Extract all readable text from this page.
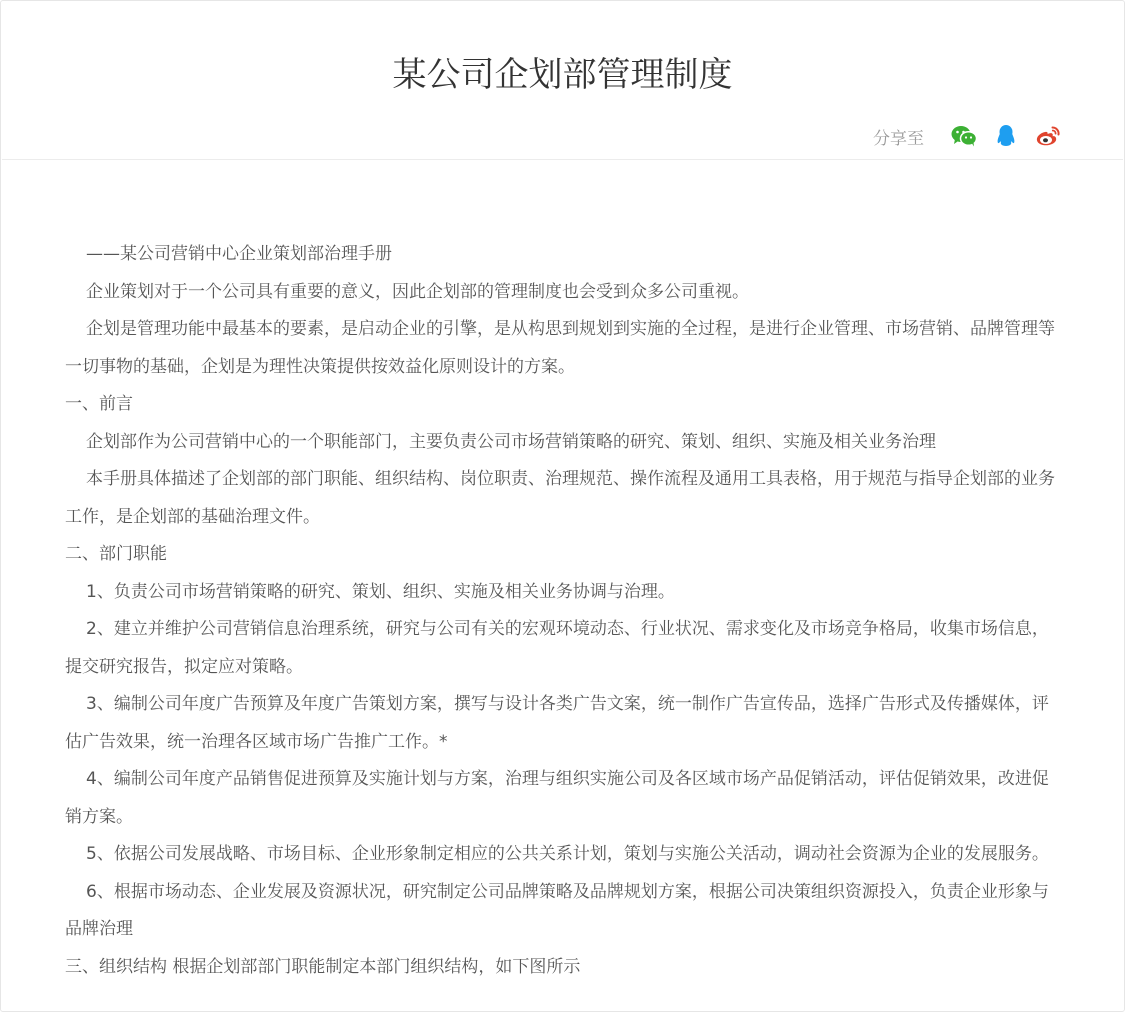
某公司企划部管理制度
分享至

——某公司营销中心企业策划部治理手册

企业策划对于一个公司具有重要的意义，因此企划部的管理制度也会受到众多公司重视。

企划是管理功能中最基本的要素，是启动企业的引擎，是从构思到规划到实施的全过程，是进行企业管理、市场营销、品牌管理等一切事物的基础，企划是为理性决策提供按效益化原则设计的方案。

一、前言

企划部作为公司营销中心的一个职能部门，主要负责公司市场营销策略的研究、策划、组织、实施及相关业务治理

本手册具体描述了企划部的部门职能、组织结构、岗位职责、治理规范、操作流程及通用工具表格，用于规范与指导企划部的业务工作，是企划部的基础治理文件。

二、部门职能

1、负责公司市场营销策略的研究、策划、组织、实施及相关业务协调与治理。

2、建立并维护公司营销信息治理系统，研究与公司有关的宏观环境动态、行业状况、需求变化及市场竞争格局，收集市场信息，提交研究报告，拟定应对策略。

3、编制公司年度广告预算及年度广告策划方案，撰写与设计各类广告文案，统一制作广告宣传品，选择广告形式及传播媒体，评估广告效果，统一治理各区域市场广告推广工作。*

4、编制公司年度产品销售促进预算及实施计划与方案，治理与组织实施公司及各区域市场产品促销活动，评估促销效果，改进促销方案。

5、依据公司发展战略、市场目标、企业形象制定相应的公共关系计划，策划与实施公关活动，调动社会资源为企业的发展服务。

6、根据市场动态、企业发展及资源状况，研究制定公司品牌策略及品牌规划方案，根据公司决策组织资源投入，负责企业形象与品牌治理

三、组织结构 根据企划部部门职能制定本部门组织结构，如下图所示
